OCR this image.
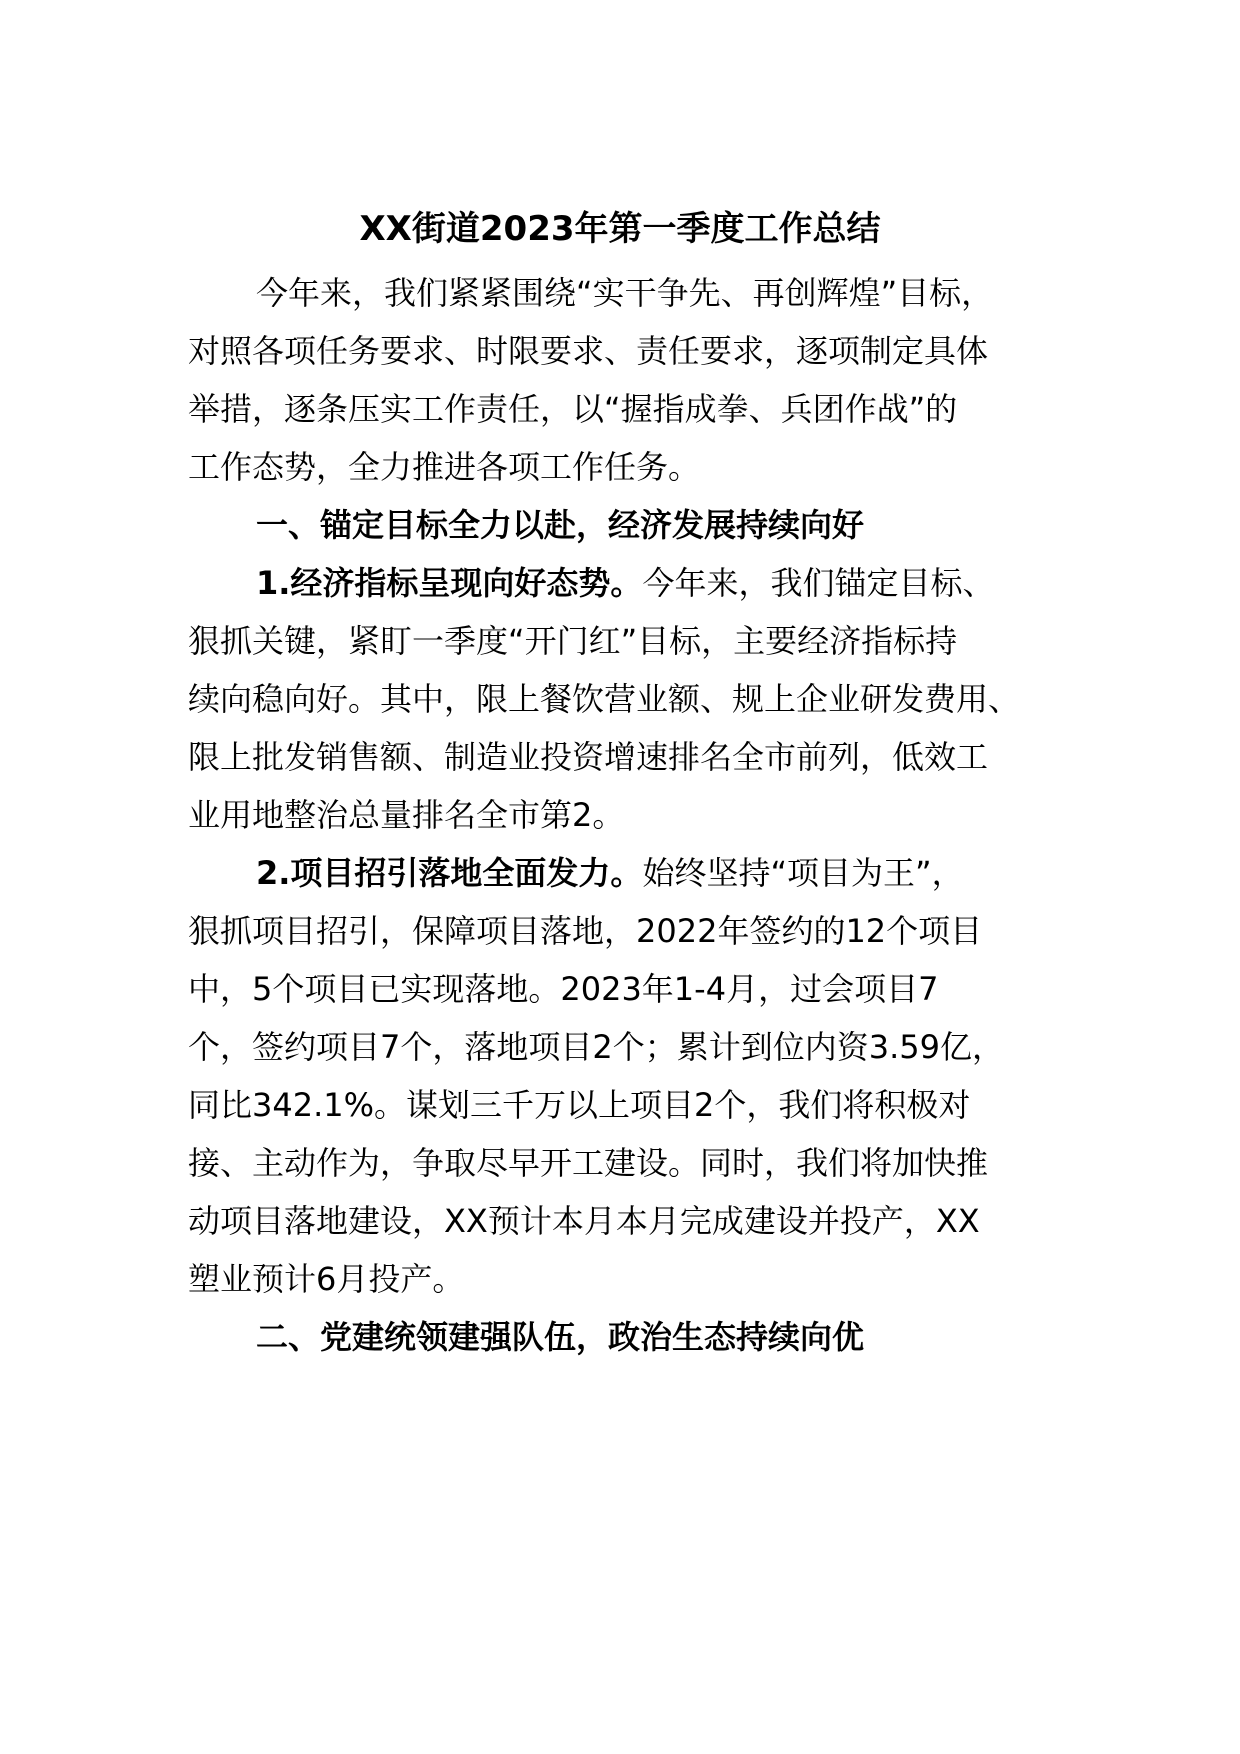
XX街道2023年第一季度工作总结
今年来，我们紧紧围绕“实干争先、再创辉煌”目标，
对照各项任务要求、时限要求、责任要求，逐项制定具体
举措，逐条压实工作责任，以“握指成拳、兵团作战”的
工作态势，全力推进各项工作任务。
一、锚定目标全力以赴，经济发展持续向好
1.经济指标呈现向好态势。今年来，我们锚定目标、
狠抓关键，紧盯一季度“开门红”目标，主要经济指标持
续向稳向好。其中，限上餐饮营业额、规上企业研发费用、
限上批发销售额、制造业投资增速排名全市前列，低效工
业用地整治总量排名全市第2。
2.项目招引落地全面发力。始终坚持“项目为王”，
狠抓项目招引，保障项目落地，2022年签约的12个项目
中，5个项目已实现落地。2023年1-4月，过会项目7
个，签约项目7个，落地项目2个；累计到位内资3.59亿，
同比342.1%。谋划三千万以上项目2个，我们将积极对
接、主动作为，争取尽早开工建设。同时，我们将加快推
动项目落地建设，XX预计本月本月完成建设并投产，XX
塑业预计6月投产。
二、党建统领建强队伍，政治生态持续向优
